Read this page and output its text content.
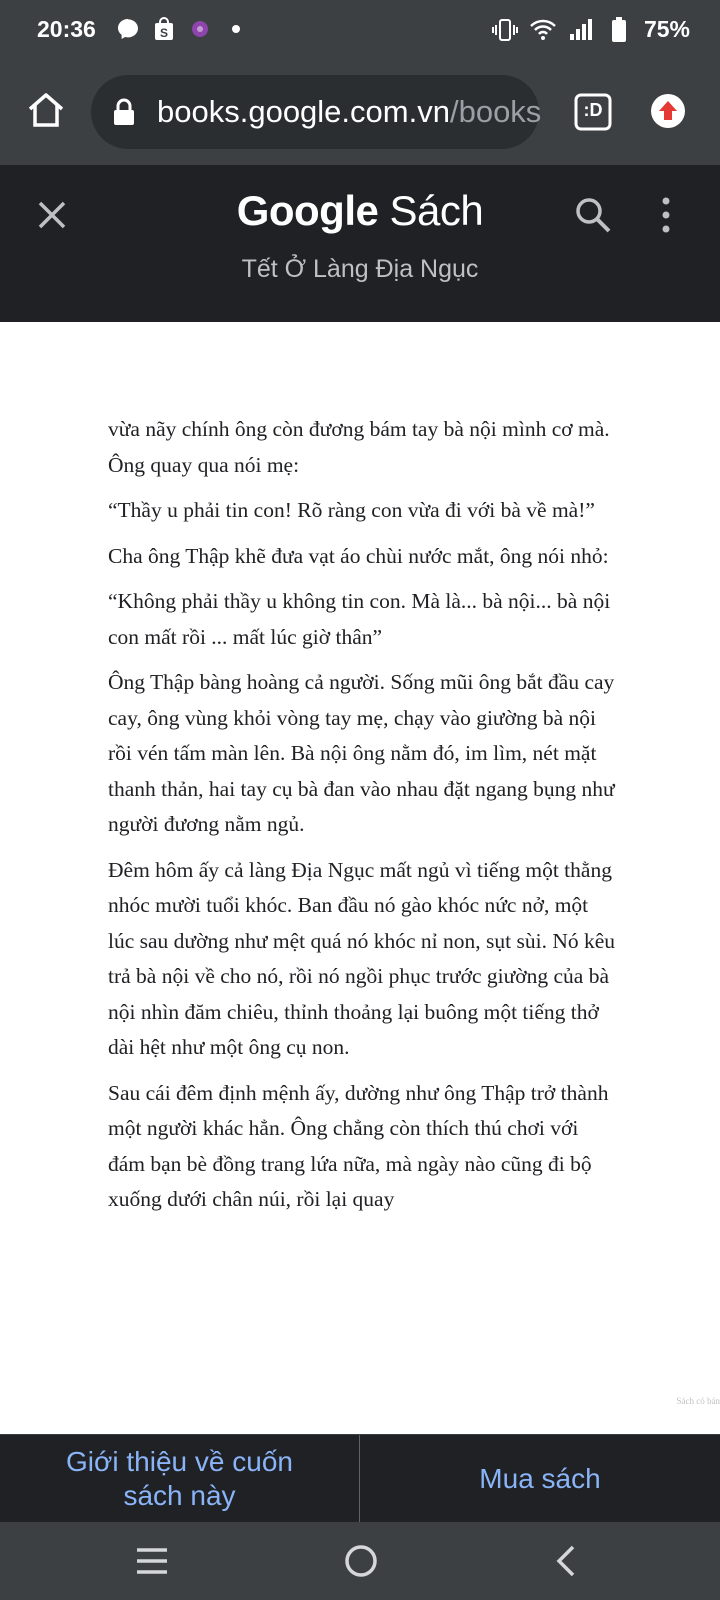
20:36	S	75%
books.google.com.vn/books	:D
Google Sách
Tết Ở Làng Địa Ngục

vừa nãy chính ông còn đương bám tay bà nội mình cơ mà. Ông quay qua nói mẹ:

“Thầy u phải tin con! Rõ ràng con vừa đi với bà về mà!”

Cha ông Thập khẽ đưa vạt áo chùi nước mắt, ông nói nhỏ:

“Không phải thầy u không tin con. Mà là... bà nội... bà nội con mất rồi ... mất lúc giờ thân”

Ông Thập bàng hoàng cả người. Sống mũi ông bắt đầu cay cay, ông vùng khỏi vòng tay mẹ, chạy vào giường bà nội rồi vén tấm màn lên. Bà nội ông nằm đó, im lìm, nét mặt thanh thản, hai tay cụ bà đan vào nhau đặt ngang bụng như người đương nằm ngủ.

Đêm hôm ấy cả làng Địa Ngục mất ngủ vì tiếng một thằng nhóc mười tuổi khóc. Ban đầu nó gào khóc nức nở, một lúc sau dường như mệt quá nó khóc nỉ non, sụt sùi. Nó kêu trả bà nội về cho nó, rồi nó ngồi phục trước giường của bà nội nhìn đăm chiêu, thỉnh thoảng lại buông một tiếng thở dài hệt như một ông cụ non.

Sau cái đêm định mệnh ấy, dường như ông Thập trở thành một người khác hẳn. Ông chẳng còn thích thú chơi với đám bạn bè đồng trang lứa nữa, mà ngày nào cũng đi bộ xuống dưới chân núi, rồi lại quay

Sách có bản
Giới thiệu về cuốn
sách này
Mua sách
